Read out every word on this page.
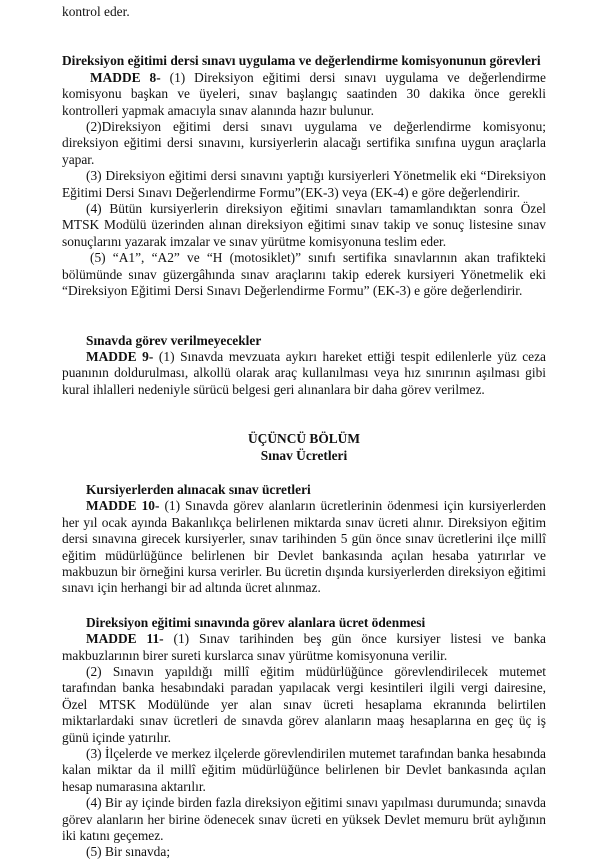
kontrol eder.

Direksiyon eğitimi dersi sınavı uygulama ve değerlendirme komisyonunun görevleri

MADDE 8- (1) Direksiyon eğitimi dersi sınavı uygulama ve değerlendirme komisyonu başkan ve üyeleri, sınav başlangıç saatinden 30 dakika önce gerekli kontrolleri yapmak amacıyla sınav alanında hazır bulunur.

(2)Direksiyon eğitimi dersi sınavı uygulama ve değerlendirme komisyonu; direksiyon eğitimi dersi sınavını, kursiyerlerin alacağı sertifika sınıfına uygun araçlarla yapar.

(3) Direksiyon eğitimi dersi sınavını yaptığı kursiyerleri Yönetmelik eki “Direksiyon Eğitimi Dersi Sınavı Değerlendirme Formu”(EK-3) veya (EK-4) e göre değerlendirir.

(4) Bütün kursiyerlerin direksiyon eğitimi sınavları tamamlandıktan sonra Özel MTSK Modülü üzerinden alınan direksiyon eğitimi sınav takip ve sonuç listesine sınav sonuçlarını yazarak imzalar ve sınav yürütme komisyonuna teslim eder.

(5) “A1”, “A2” ve “H (motosiklet)” sınıfı sertifika sınavlarının akan trafikteki bölümünde sınav güzergâhında sınav araçlarını takip ederek kursiyeri Yönetmelik eki “Direksiyon Eğitimi Dersi Sınavı Değerlendirme Formu” (EK-3) e göre değerlendirir.

Sınavda görev verilmeyecekler

MADDE 9- (1) Sınavda mevzuata aykırı hareket ettiği tespit edilenlerle yüz ceza puanının doldurulması, alkollü olarak araç kullanılması veya hız sınırının aşılması gibi kural ihlalleri nedeniyle sürücü belgesi geri alınanlara bir daha görev verilmez.

ÜÇÜNCÜ BÖLÜM

Sınav Ücretleri

Kursiyerlerden alınacak sınav ücretleri

MADDE 10- (1) Sınavda görev alanların ücretlerinin ödenmesi için kursiyerlerden her yıl ocak ayında Bakanlıkça belirlenen miktarda sınav ücreti alınır. Direksiyon eğitim dersi sınavına girecek kursiyerler, sınav tarihinden 5 gün önce sınav ücretlerini ilçe millî eğitim müdürlüğünce belirlenen bir Devlet bankasında açılan hesaba yatırırlar ve makbuzun bir örneğini kursa verirler. Bu ücretin dışında kursiyerlerden direksiyon eğitimi sınavı için herhangi bir ad altında ücret alınmaz.

Direksiyon eğitimi sınavında görev alanlara ücret ödenmesi

MADDE 11- (1) Sınav tarihinden beş gün önce kursiyer listesi ve banka makbuzlarının birer sureti kurslarca sınav yürütme komisyonuna verilir.

(2) Sınavın yapıldığı millî eğitim müdürlüğünce görevlendirilecek mutemet tarafından banka hesabındaki paradan yapılacak vergi kesintileri ilgili vergi dairesine, Özel MTSK Modülünde yer alan sınav ücreti hesaplama ekranında belirtilen miktarlardaki sınav ücretleri de sınavda görev alanların maaş hesaplarına en geç üç iş günü içinde yatırılır.

(3) İlçelerde ve merkez ilçelerde görevlendirilen mutemet tarafından banka hesabında kalan miktar da il millî eğitim müdürlüğünce belirlenen bir Devlet bankasında açılan hesap numarasına aktarılır.

(4) Bir ay içinde birden fazla direksiyon eğitimi sınavı yapılması durumunda; sınavda görev alanların her birine ödenecek sınav ücreti en yüksek Devlet memuru brüt aylığının iki katını geçemez.

(5) Bir sınavda;
